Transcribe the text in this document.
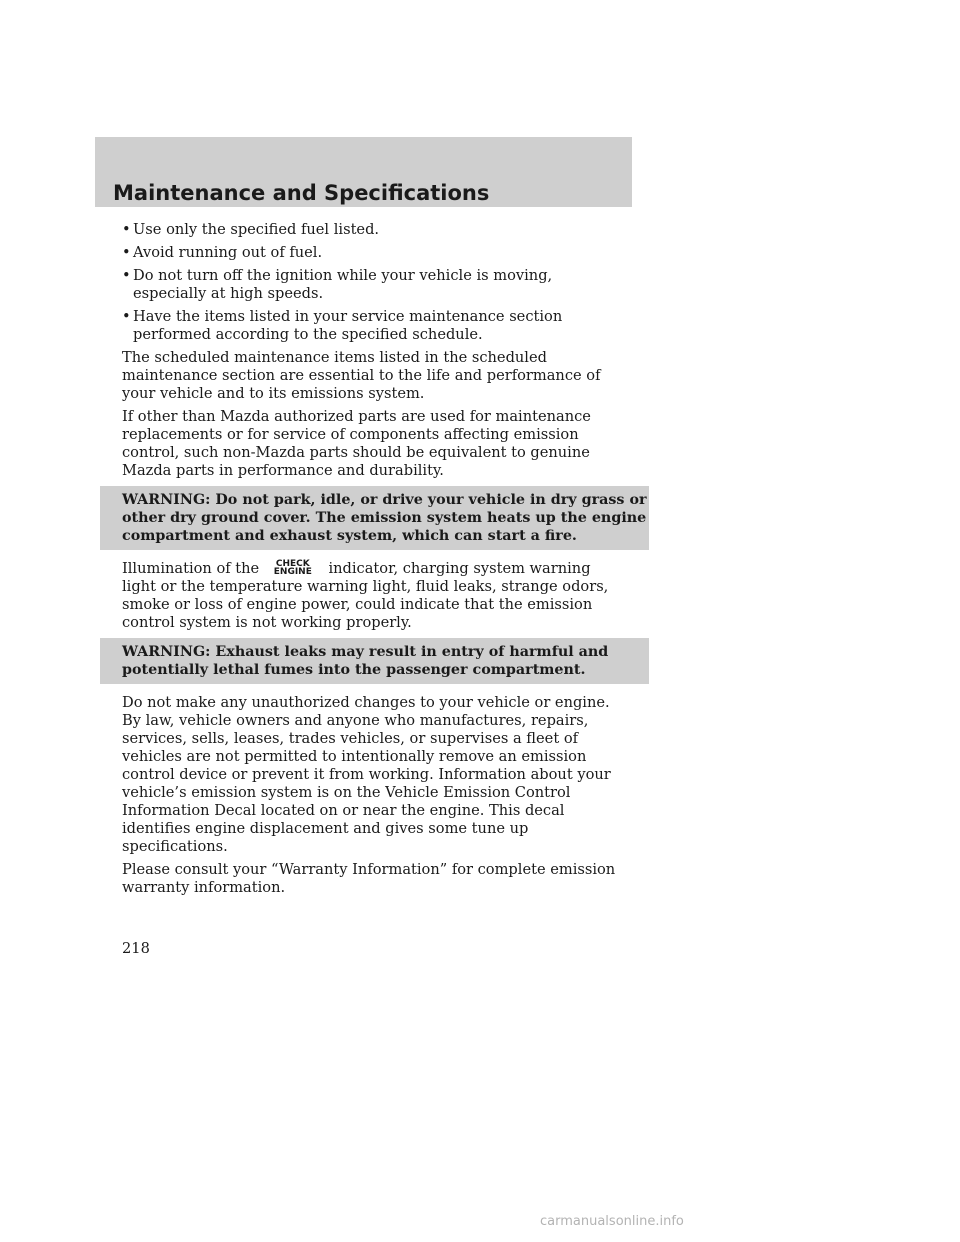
Maintenance and Specifications
• Use only the specified fuel listed.
• Avoid running out of fuel.
• Do not turn off the ignition while your vehicle is moving, especially at high speeds.
• Have the items listed in your service maintenance section performed according to the specified schedule.

The scheduled maintenance items listed in the scheduled maintenance section are essential to the life and performance of your vehicle and to its emissions system.

If other than Mazda authorized parts are used for maintenance replacements or for service of components affecting emission control, such non-Mazda parts should be equivalent to genuine Mazda parts in performance and durability.

WARNING: Do not park, idle, or drive your vehicle in dry grass or other dry ground cover. The emission system heats up the engine compartment and exhaust system, which can start a fire.

Illumination of the	CHECK
ENGINE indicator, charging system warning light or the temperature warning light, fluid leaks, strange odors, smoke or loss of engine power, could indicate that the emission control system is not working properly.

WARNING: Exhaust leaks may result in entry of harmful and potentially lethal fumes into the passenger compartment.

Do not make any unauthorized changes to your vehicle or engine. By law, vehicle owners and anyone who manufactures, repairs, services, sells, leases, trades vehicles, or supervises a fleet of vehicles are not permitted to intentionally remove an emission control device or prevent it from working. Information about your vehicle’s emission system is on the Vehicle Emission Control Information Decal located on or near the engine. This decal identifies engine displacement and gives some tune up specifications.

Please consult your “Warranty Information” for complete emission warranty information.

218
carmanualsonline.info
